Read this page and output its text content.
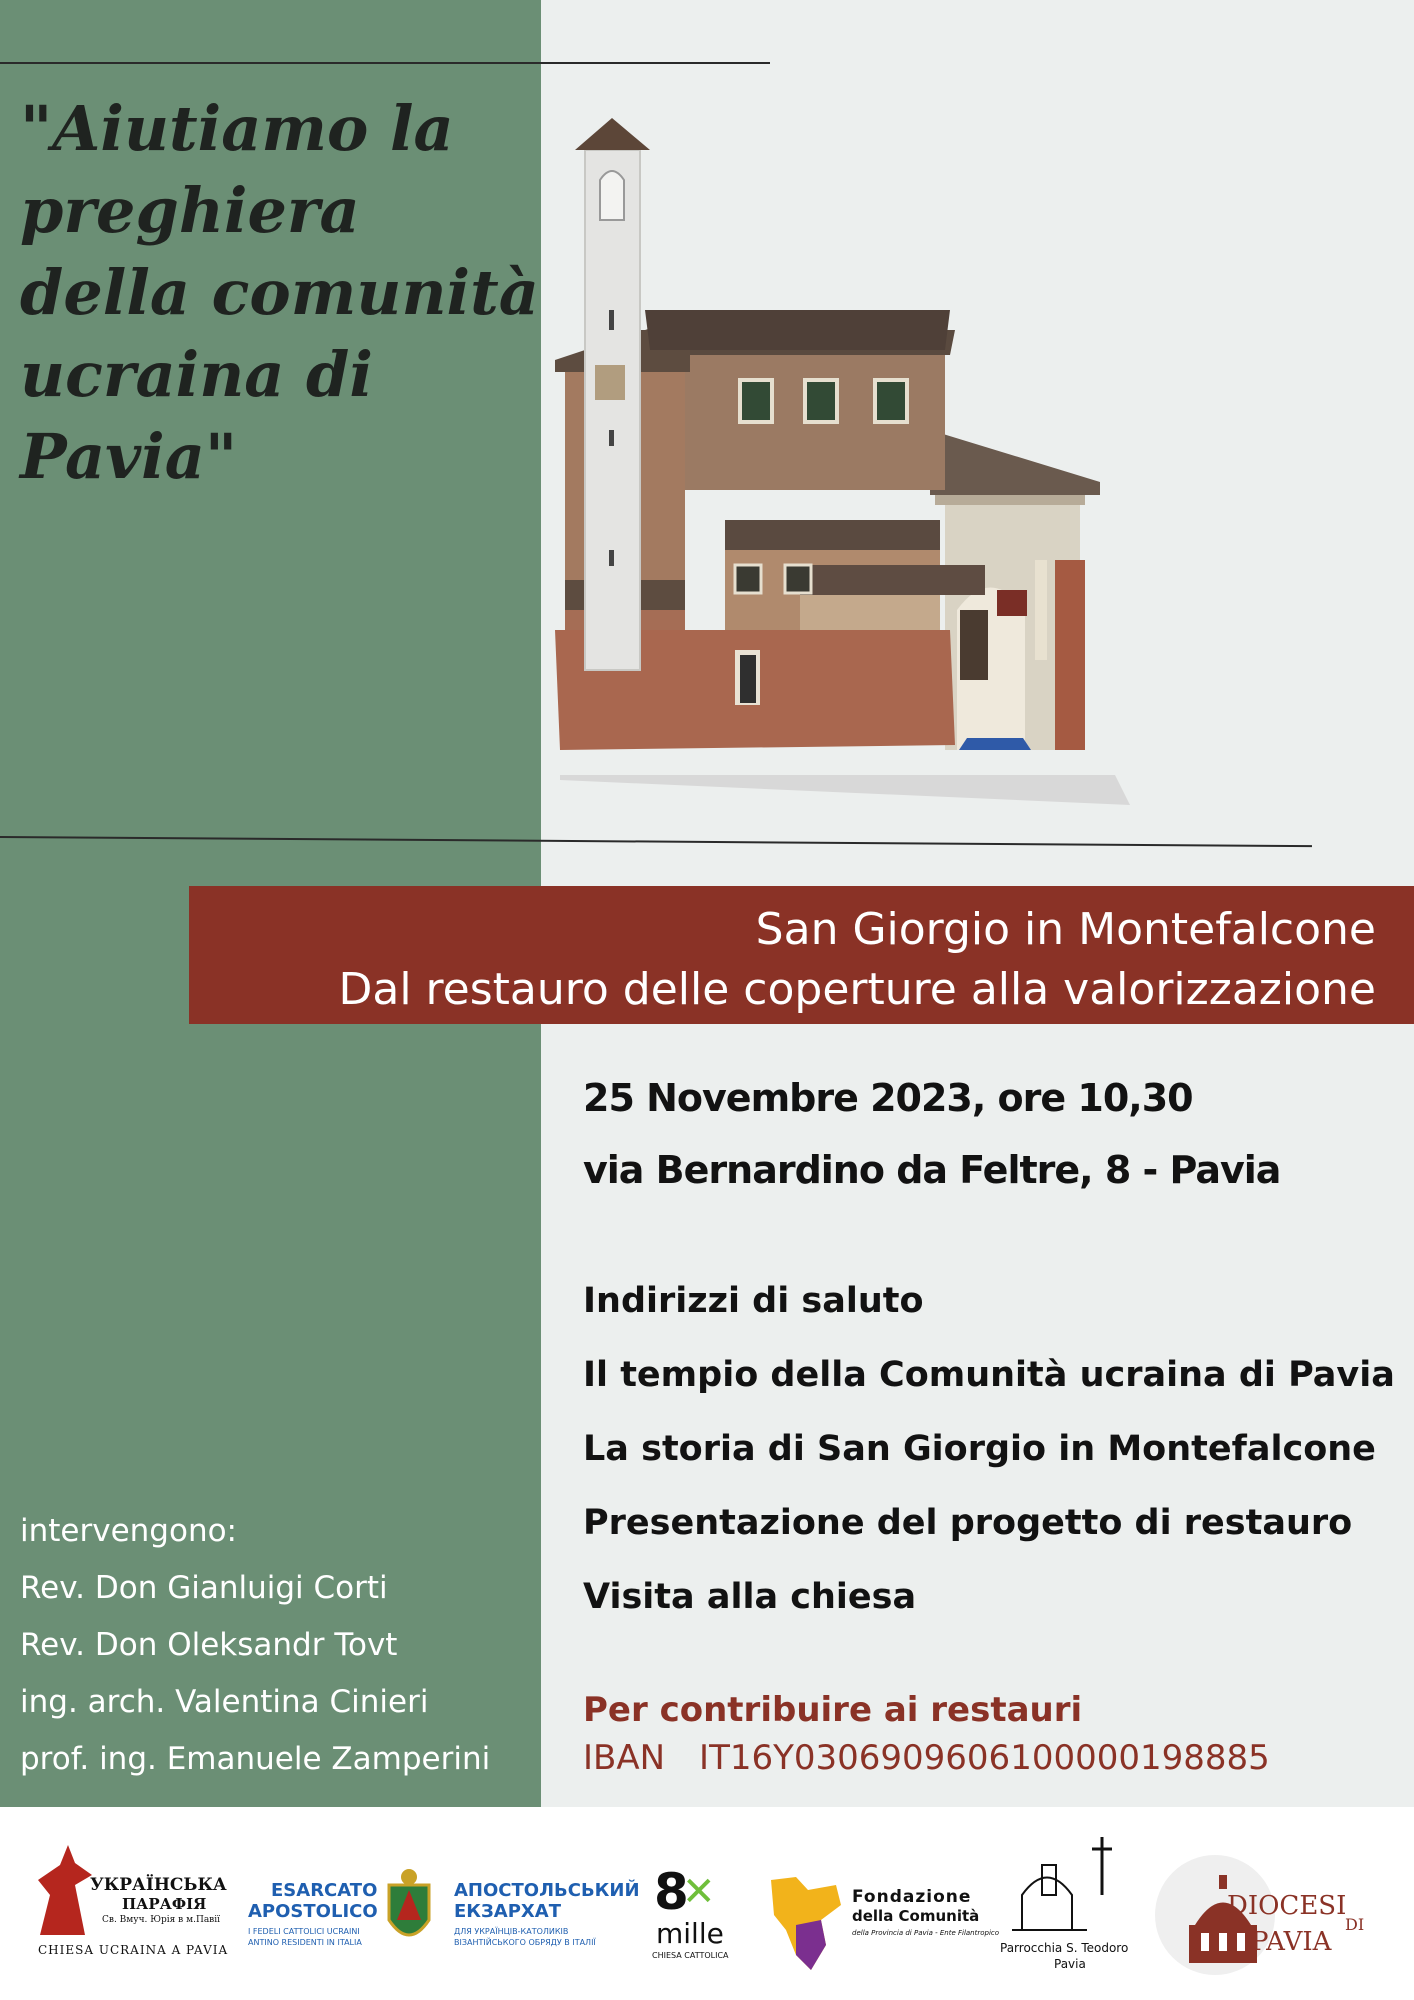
"Aiutiamo la preghiera della comunità ucraina di Pavia"
San Giorgio in Montefalcone
Dal restauro delle coperture alla valorizzazione
25 Novembre 2023, ore 10,30
via Bernardino da Feltre, 8 - Pavia
Indirizzi di saluto
Il tempio della Comunità ucraina di Pavia
La storia di San Giorgio in Montefalcone
Presentazione del progetto di restauro
Visita alla chiesa
Per contribuire ai restauri
IBAN IT16Y0306909606100000198885
intervengono:
Rev. Don Gianluigi Corti
Rev. Don Oleksandr Tovt
ing. arch. Valentina Cinieri
prof. ing. Emanuele Zamperini
УКРАЇНСЬКА
ПАРАФІЯ
Св. Вмуч. Юрія в м.Павії
CHIESA UCRAINA A PAVIA
ESARCATO
APOSTOLICO
I FEDELI CATTOLICI UCRAINI
ANTINO RESIDENTI IN ITALIA
АПОСТОЛЬСЬКИЙ
ЕКЗАРХАТ
ДЛЯ УКРАЇНЦІВ-КАТОЛИКІВ
ВІЗАНТІЙСЬКОГО ОБРЯДУ В ІТАЛІЇ
8
✕
mille
CHIESA CATTOLICA
Fondazione
della Comunità
della Provincia di Pavia - Ente Filantropico
Parrocchia S. Teodoro
Pavia
DIOCESI
DI
PAVIA
